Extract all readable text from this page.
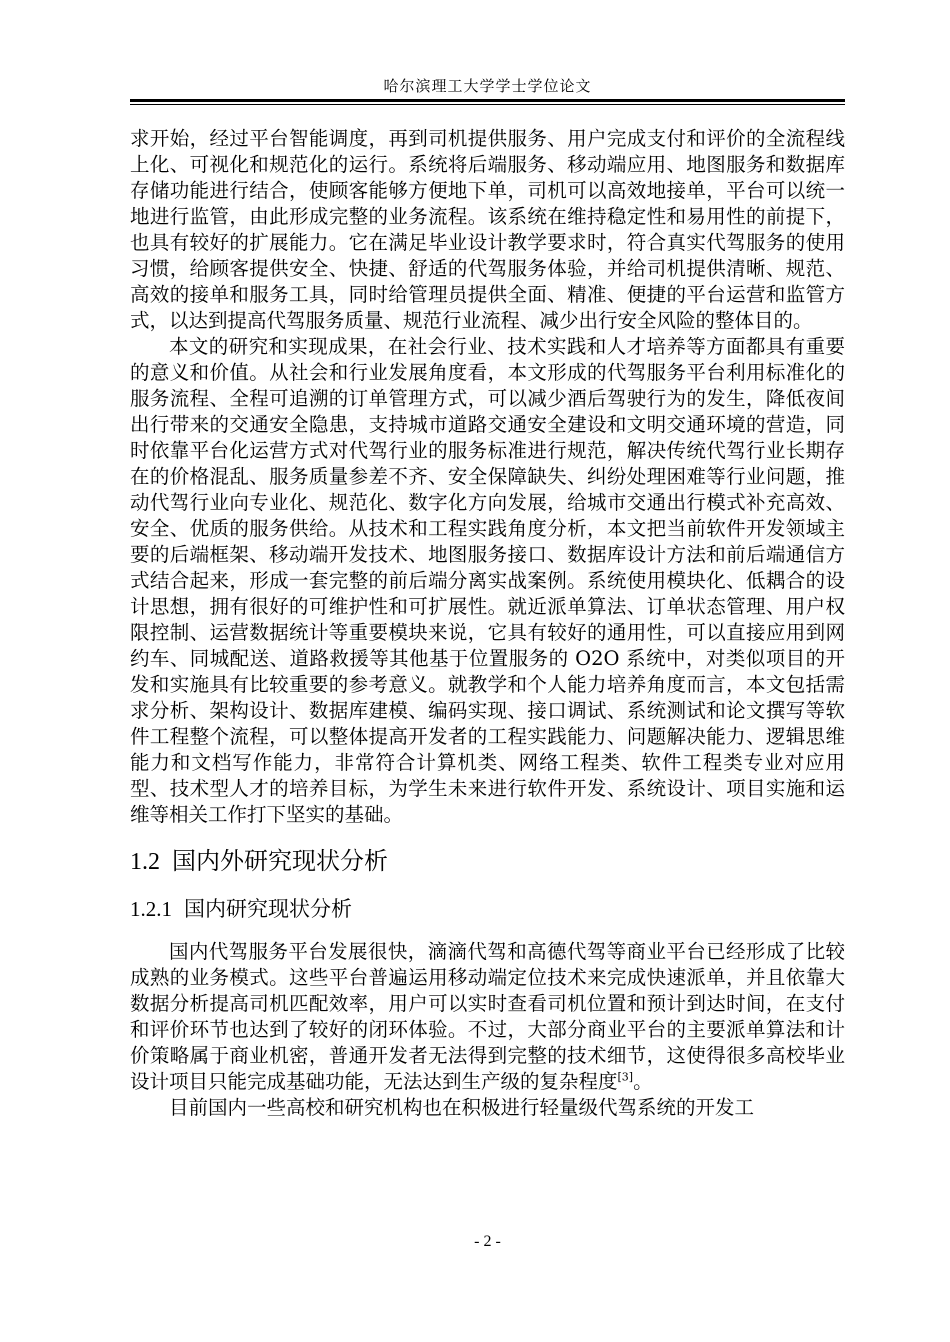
哈尔滨理工大学学士学位论文

求开始，经过平台智能调度，再到司机提供服务、用户完成支付和评价的全流程线上化、可视化和规范化的运行。系统将后端服务、移动端应用、地图服务和数据库存储功能进行结合，使顾客能够方便地下单，司机可以高效地接单，平台可以统一地进行监管，由此形成完整的业务流程。该系统在维持稳定性和易用性的前提下，也具有较好的扩展能力。它在满足毕业设计教学要求时，符合真实代驾服务的使用习惯，给顾客提供安全、快捷、舒适的代驾服务体验，并给司机提供清晰、规范、高效的接单和服务工具，同时给管理员提供全面、精准、便捷的平台运营和监管方式，以达到提高代驾服务质量、规范行业流程、减少出行安全风险的整体目的。

本文的研究和实现成果，在社会行业、技术实践和人才培养等方面都具有重要的意义和价值。从社会和行业发展角度看，本文形成的代驾服务平台利用标准化的服务流程、全程可追溯的订单管理方式，可以减少酒后驾驶行为的发生，降低夜间出行带来的交通安全隐患，支持城市道路交通安全建设和文明交通环境的营造，同时依靠平台化运营方式对代驾行业的服务标准进行规范，解决传统代驾行业长期存在的价格混乱、服务质量参差不齐、安全保障缺失、纠纷处理困难等行业问题，推动代驾行业向专业化、规范化、数字化方向发展，给城市交通出行模式补充高效、安全、优质的服务供给。从技术和工程实践角度分析，本文把当前软件开发领域主要的后端框架、移动端开发技术、地图服务接口、数据库设计方法和前后端通信方式结合起来，形成一套完整的前后端分离实战案例。系统使用模块化、低耦合的设计思想，拥有很好的可维护性和可扩展性。就近派单算法、订单状态管理、用户权限控制、运营数据统计等重要模块来说，它具有较好的通用性，可以直接应用到网约车、同城配送、道路救援等其他基于位置服务的 O2O 系统中，对类似项目的开发和实施具有比较重要的参考意义。就教学和个人能力培养角度而言，本文包括需求分析、架构设计、数据库建模、编码实现、接口调试、系统测试和论文撰写等软件工程整个流程，可以整体提高开发者的工程实践能力、问题解决能力、逻辑思维能力和文档写作能力，非常符合计算机类、网络工程类、软件工程类专业对应用型、技术型人才的培养目标，为学生未来进行软件开发、系统设计、项目实施和运维等相关工作打下坚实的基础。

1.2 国内外研究现状分析
1.2.1 国内研究现状分析

国内代驾服务平台发展很快，滴滴代驾和高德代驾等商业平台已经形成了比较成熟的业务模式。这些平台普遍运用移动端定位技术来完成快速派单，并且依靠大数据分析提高司机匹配效率，用户可以实时查看司机位置和预计到达时间，在支付和评价环节也达到了较好的闭环体验。不过，大部分商业平台的主要派单算法和计价策略属于商业机密，普通开发者无法得到完整的技术细节，这使得很多高校毕业设计项目只能完成基础功能，无法达到生产级的复杂程度[3]。

目前国内一些高校和研究机构也在积极进行轻量级代驾系统的开发工

- 2 -
